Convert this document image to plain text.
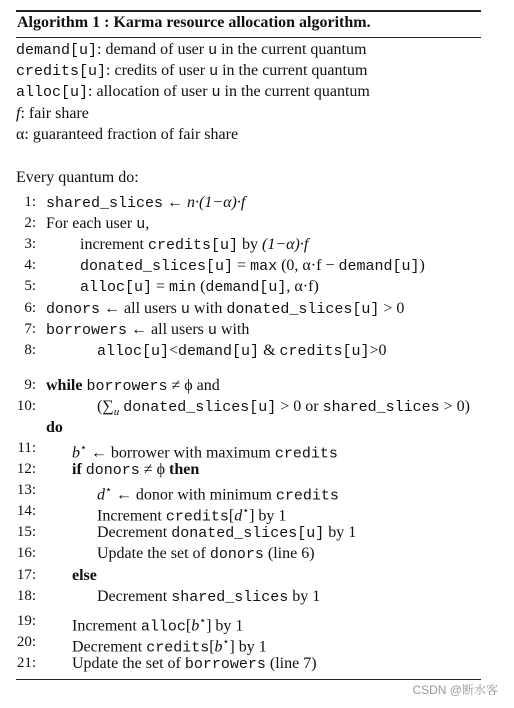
Algorithm 1 : Karma resource allocation algorithm.
demand[u]: demand of user u in the current quantum
credits[u]: credits of user u in the current quantum
alloc[u]: allocation of user u in the current quantum
f: fair share
α: guaranteed fraction of fair share
Every quantum do:
1: shared_slices ← n·(1−α)·f
2: For each user u,
3:	increment credits[u] by (1−α)·f
4:	donated_slices[u] = max (0, α·f − demand[u])
5:	alloc[u] = min (demand[u], α·f)
6: donors ← all users u with donated_slices[u] > 0
7: borrowers ← all users u with
8:	alloc[u]<demand[u] & credits[u]>0
9: while borrowers ≠ ϕ and
10:	($\sum_u$ donated_slices[u] > 0 or shared_slices > 0)
do
11: b⋆ ← borrower with maximum credits
12: if donors ≠ ϕ then
13:	d⋆ ← donor with minimum credits
14:	Increment credits[d⋆] by 1
15:	Decrement donated_slices[u] by 1
16:	Update the set of donors (line 6)
17: else
18:	Decrement shared_slices by 1
19: Increment alloc[b⋆] by 1
20: Decrement credits[b⋆] by 1
21: Update the set of borrowers (line 7)
CSDN @断水客
